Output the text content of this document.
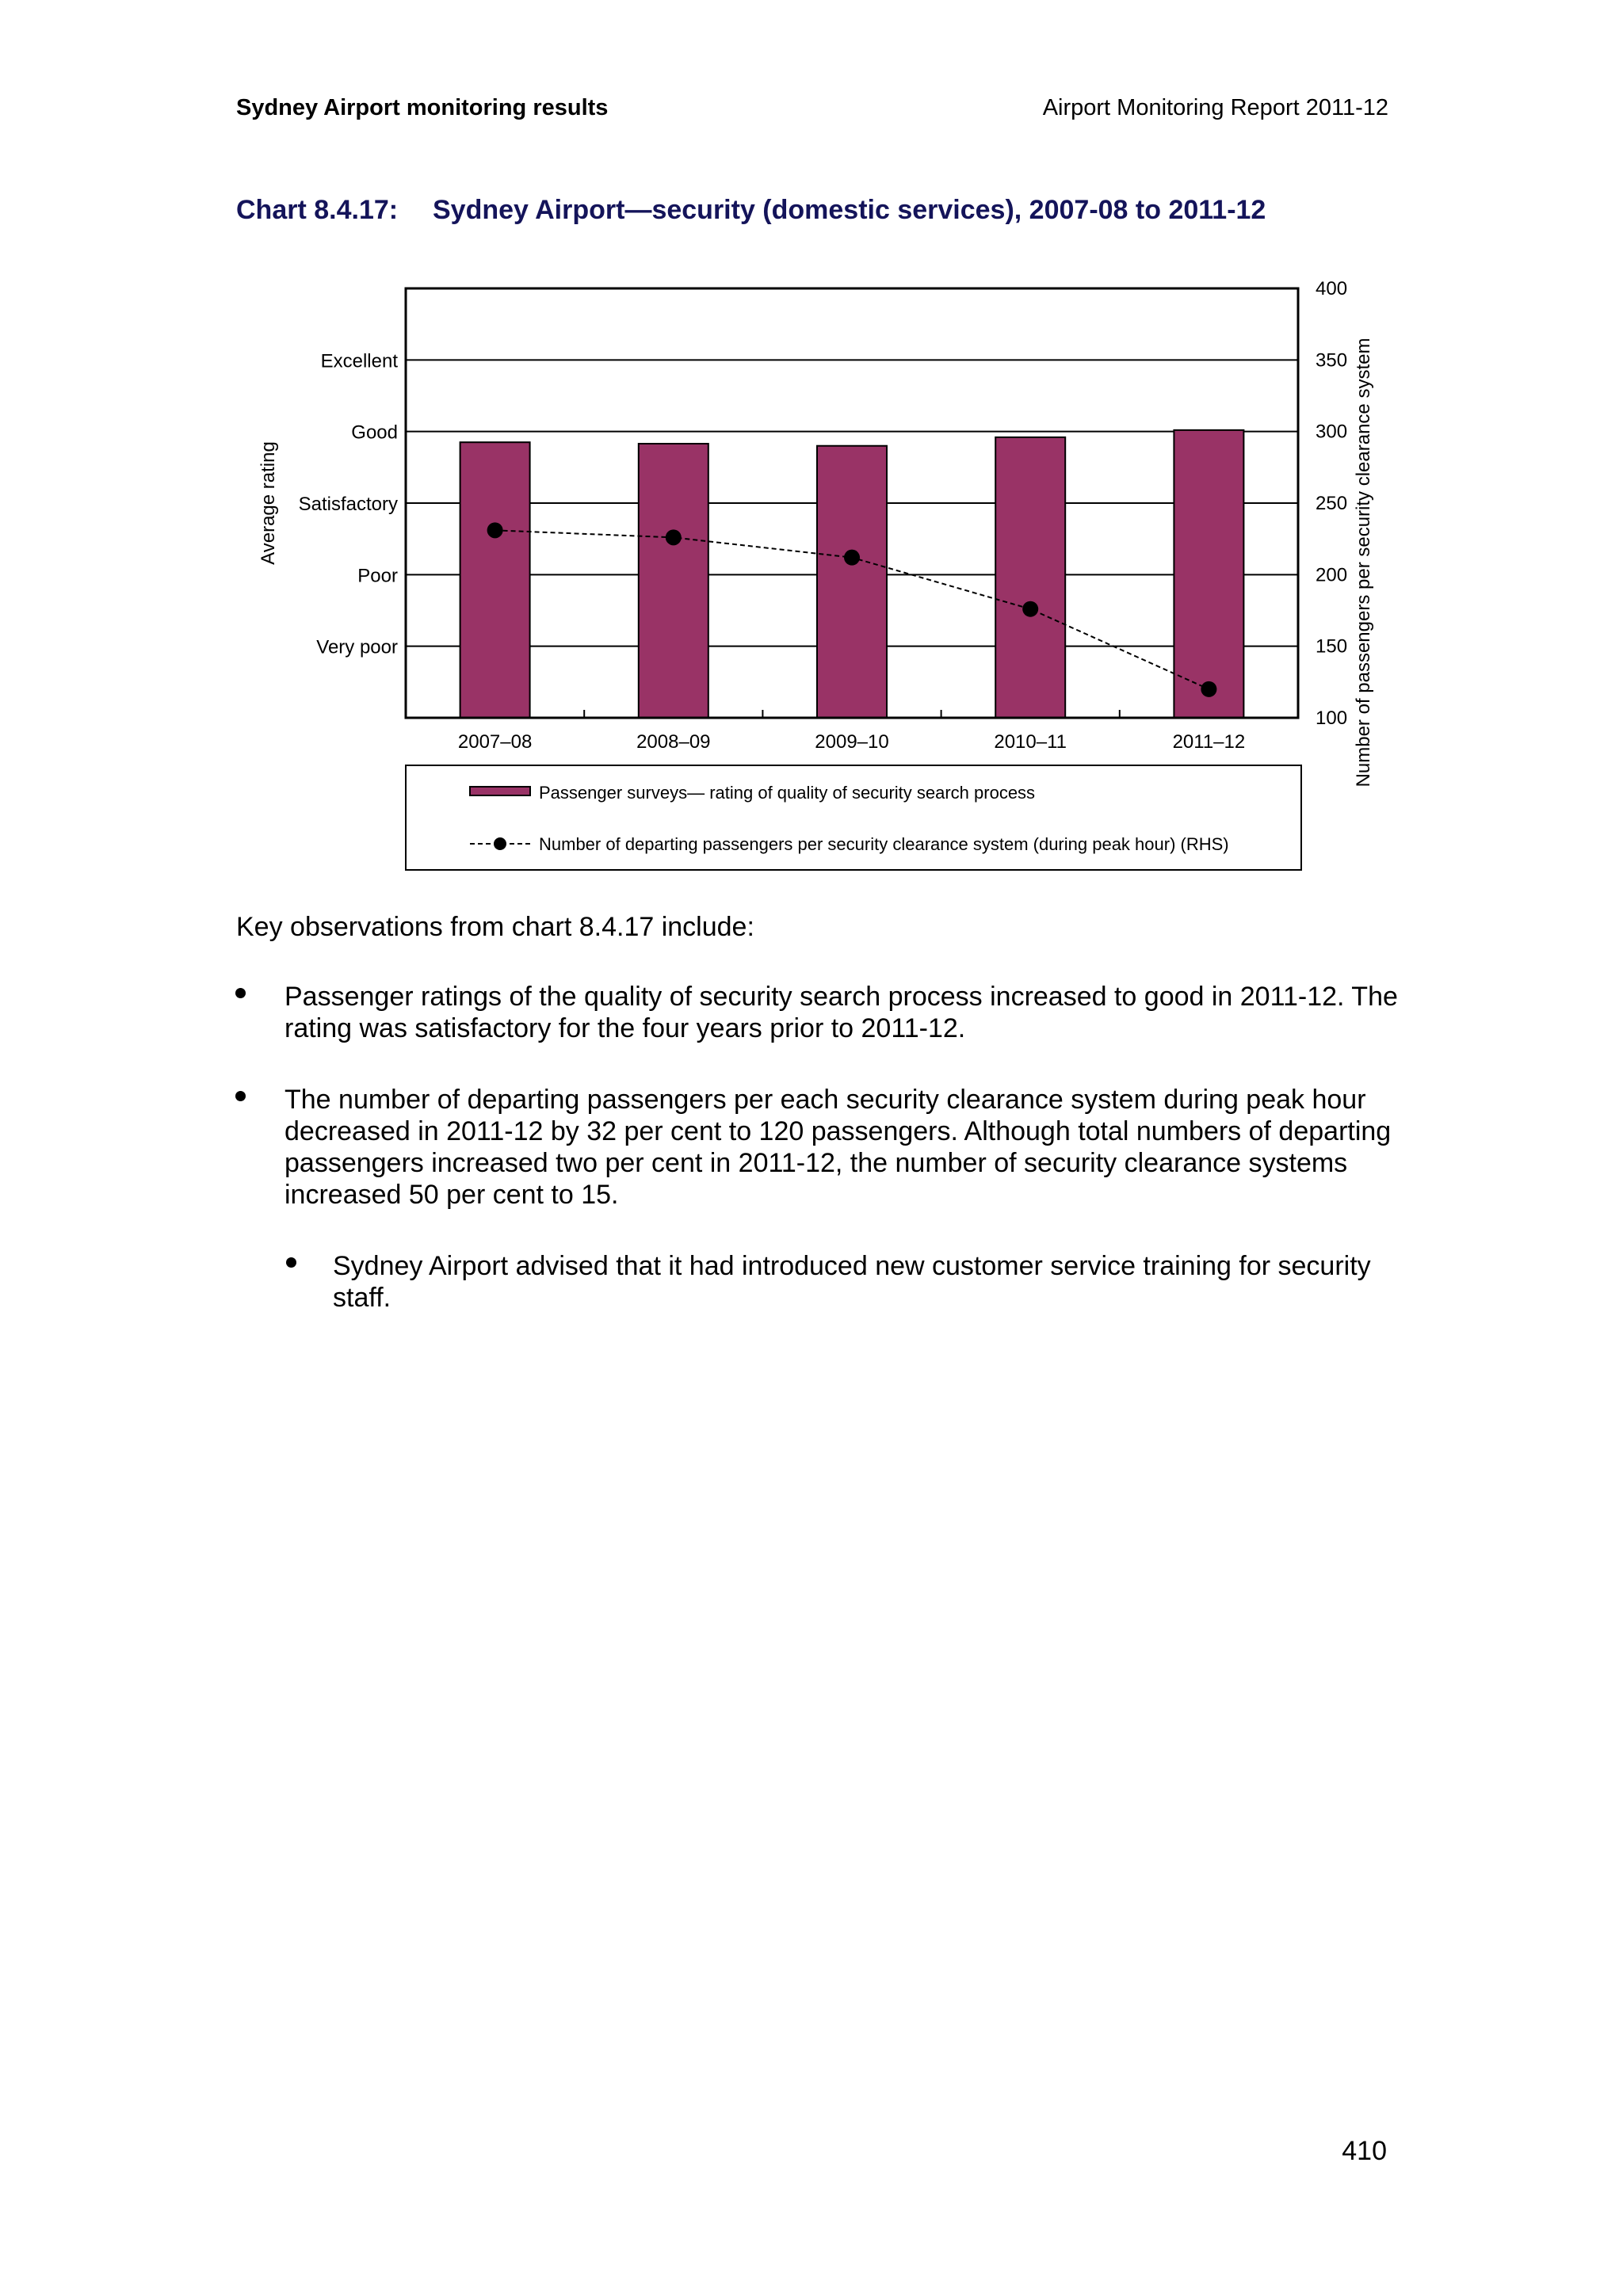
Sydney Airport monitoring results	Airport Monitoring Report 2011-12
Chart 8.4.17: Sydney Airport—security (domestic services), 2007-08 to 2011-12
Very poor
Poor
Satisfactory
Good
Excellent
2007–08	2008–09	2009–10	2010–11	2011–12
100
150
200
250
300
350
400
Average rating	Number of passengers per security clearance system
Passenger surveys— rating of quality of security search process
Number of departing passengers per security clearance system (during peak hour) (RHS)
Key observations from chart 8.4.17 include:
Passenger ratings of the quality of security search process increased to good in 2011-12. The rating was satisfactory for the four years prior to 2011-12.
The number of departing passengers per each security clearance system during peak hour decreased in 2011-12 by 32 per cent to 120 passengers. Although total numbers of departing passengers increased two per cent in 2011-12, the number of security clearance systems increased 50 per cent to 15.
Sydney Airport advised that it had introduced new customer service training for security staff.
410
